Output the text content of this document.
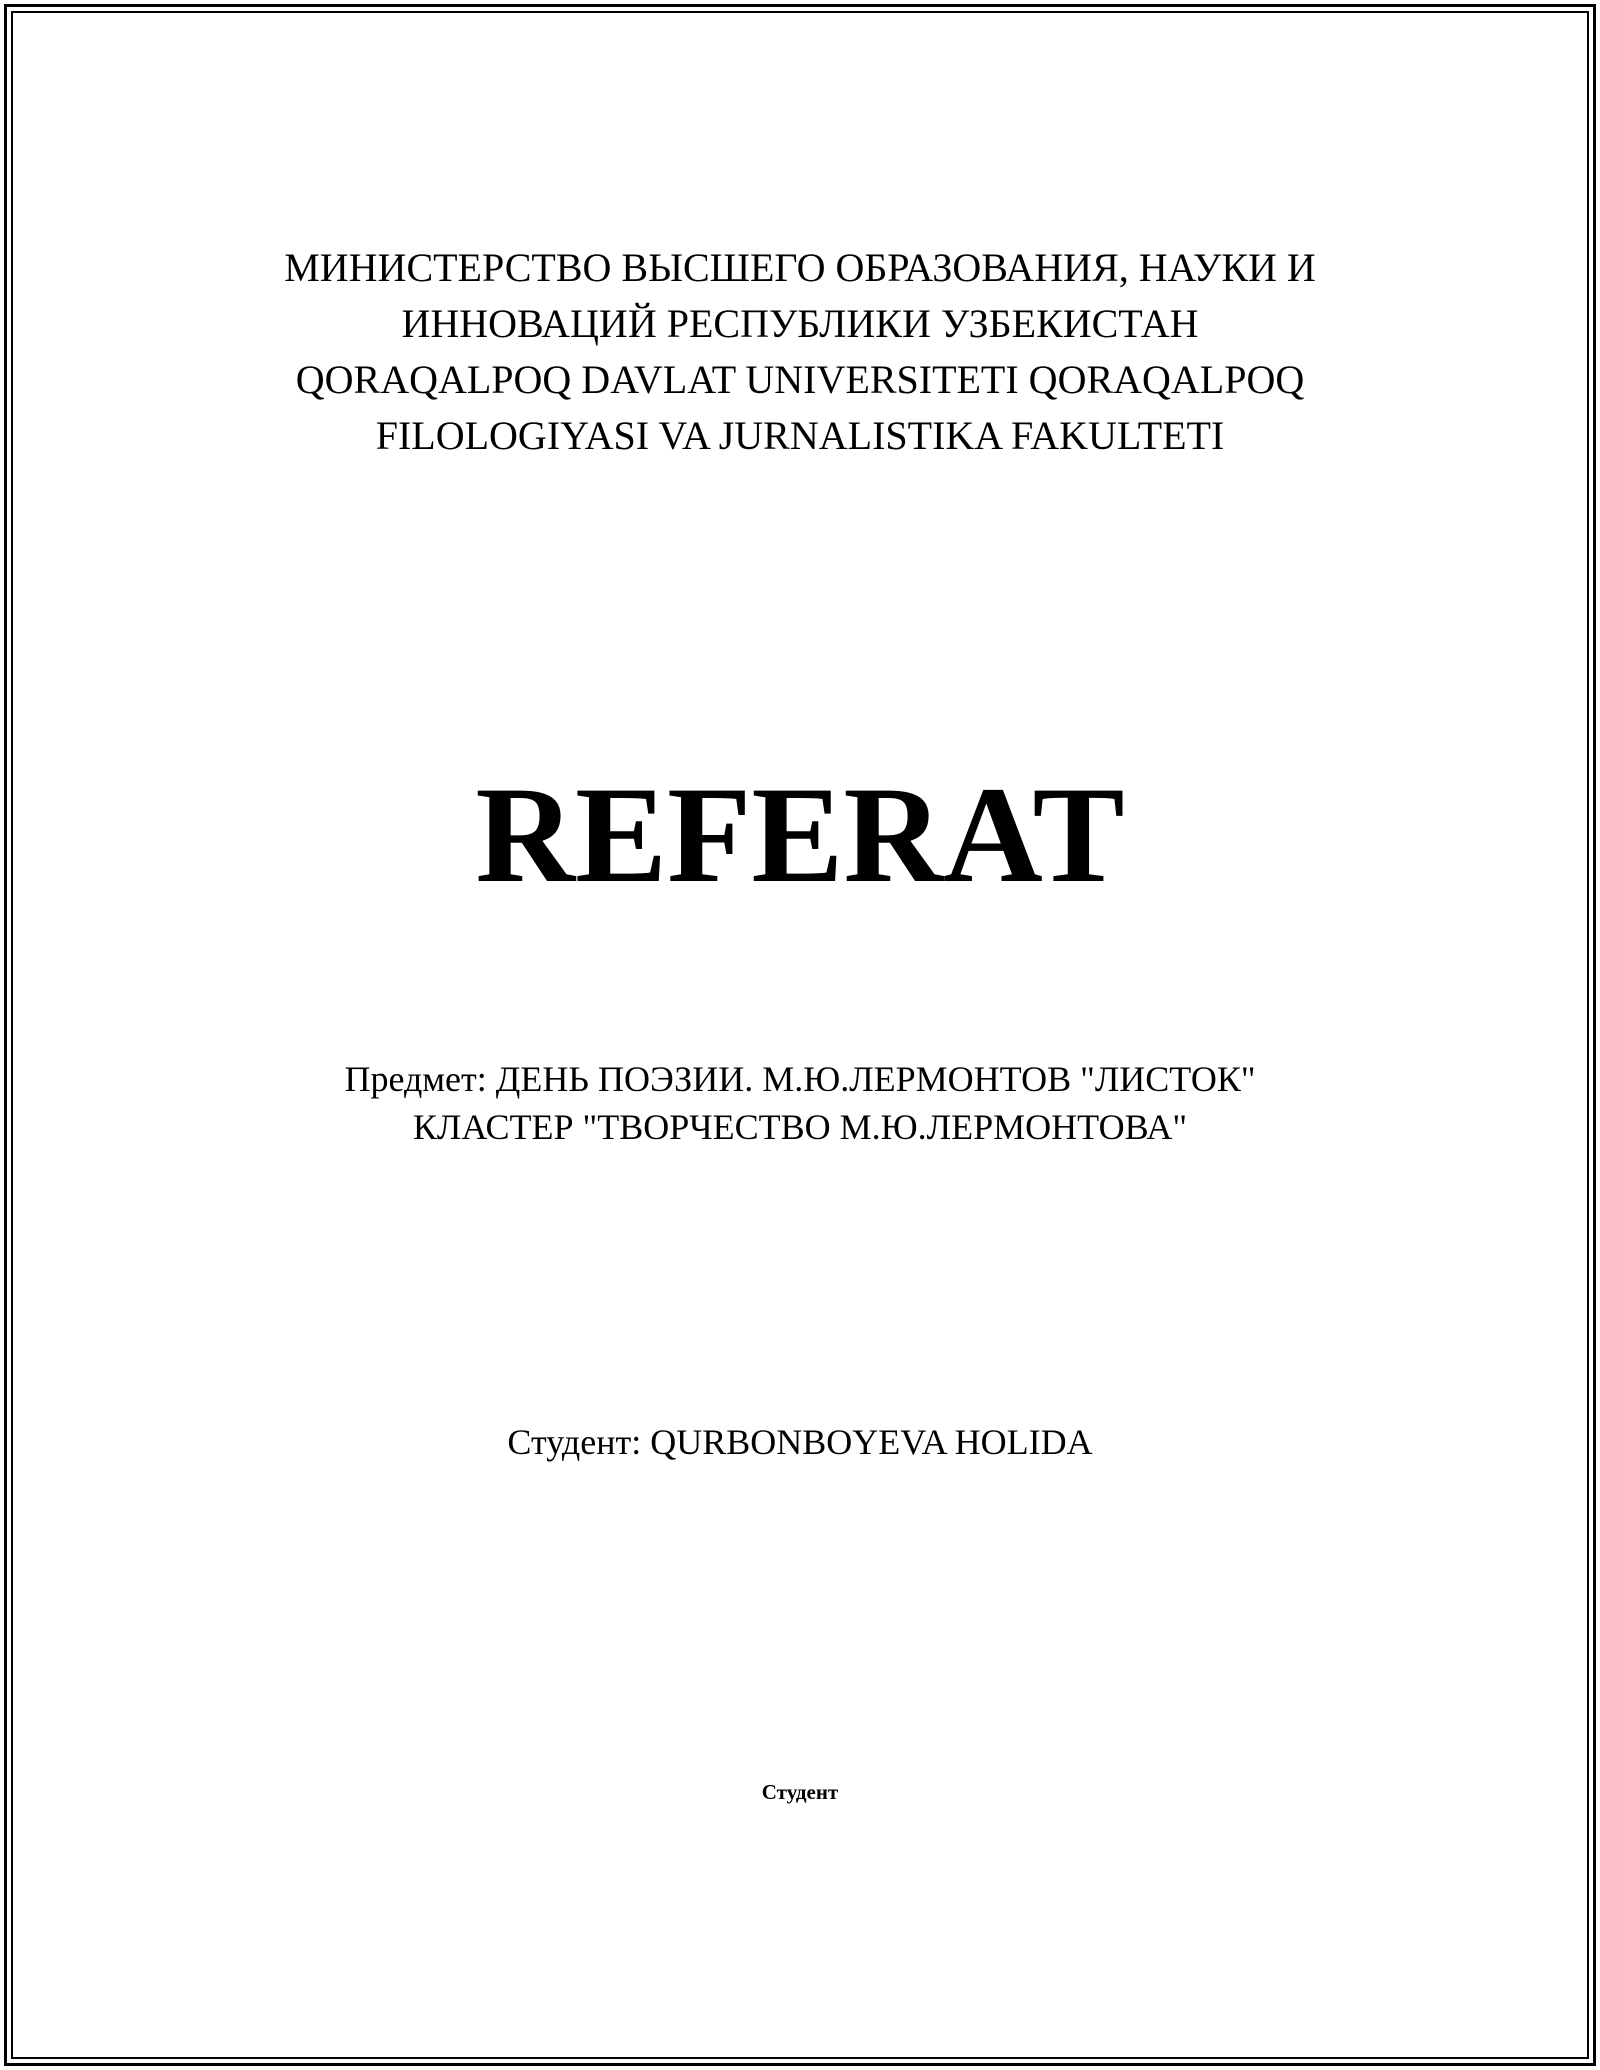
МИНИСТЕРСТВО ВЫСШЕГО ОБРАЗОВАНИЯ, НАУКИ И
ИННОВАЦИЙ РЕСПУБЛИКИ УЗБЕКИСТАН
QORAQALPOQ DAVLAT UNIVERSITETI QORAQALPOQ
FILOLOGIYASI VA JURNALISTIKA FAKULTETI
REFERAT
Предмет: ДЕНЬ ПОЭЗИИ. М.Ю.ЛЕРМОНТОВ "ЛИСТОК"
КЛАСТЕР "ТВОРЧЕСТВО М.Ю.ЛЕРМОНТОВА"
Студент: QURBONBOYEVA HOLIDA
Студент
